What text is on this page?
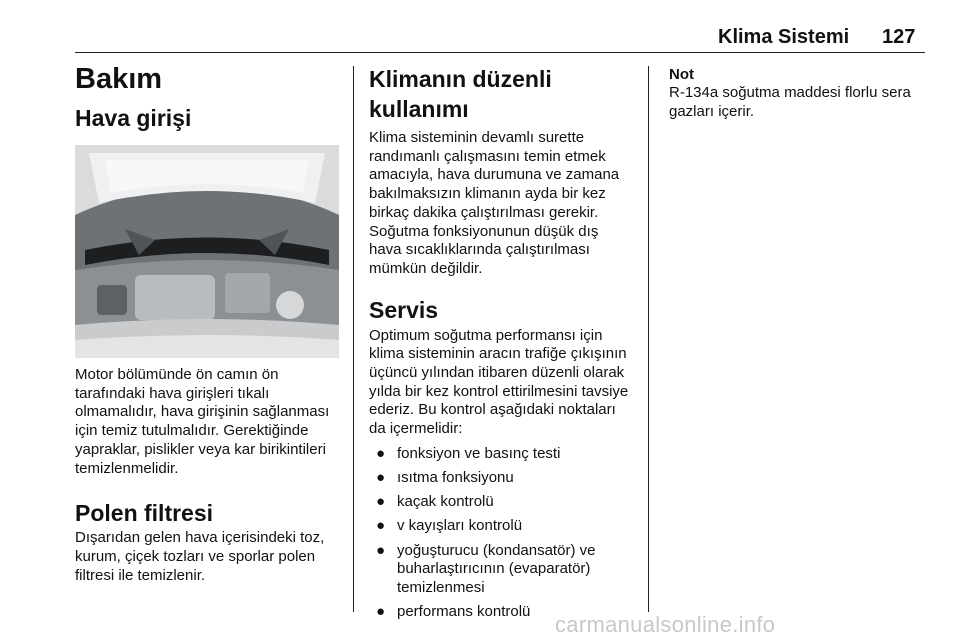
Klima Sistemi 127
Bakım
Hava girişi

Motor bölümünde ön camın ön tarafındaki hava girişleri tıkalı olmamalıdır, hava girişinin sağlanması için temiz tutulmalıdır. Gerektiğinde yapraklar, pislikler veya kar birikintileri temizlenmelidir.

Polen filtresi

Dışarıdan gelen hava içerisindeki toz, kurum, çiçek tozları ve sporlar polen filtresi ile temizlenir.

Klimanın düzenli kullanımı

Klima sisteminin devamlı surette randımanlı çalışmasını temin etmek amacıyla, hava durumuna ve zamana bakılmaksızın klimanın ayda bir kez birkaç dakika çalıştırılması gerekir. Soğutma fonksiyonunun düşük dış hava sıcaklıklarında çalıştırılması mümkün değildir.

Servis

Optimum soğutma performansı için klima sisteminin aracın trafiğe çıkışının üçüncü yılından itibaren düzenli olarak yılda bir kez kontrol ettirilmesini tavsiye ederiz. Bu kontrol aşağıdaki noktaları da içermelidir:

● fonksiyon ve basınç testi
● ısıtma fonksiyonu
● kaçak kontrolü
● v kayışları kontrolü
● yoğuşturucu (kondansatör) ve buharlaştırıcının (evaparatör) temizlenmesi
● performans kontrolü
Not

R-134a soğutma maddesi florlu sera gazları içerir.

carmanualsonline.info
